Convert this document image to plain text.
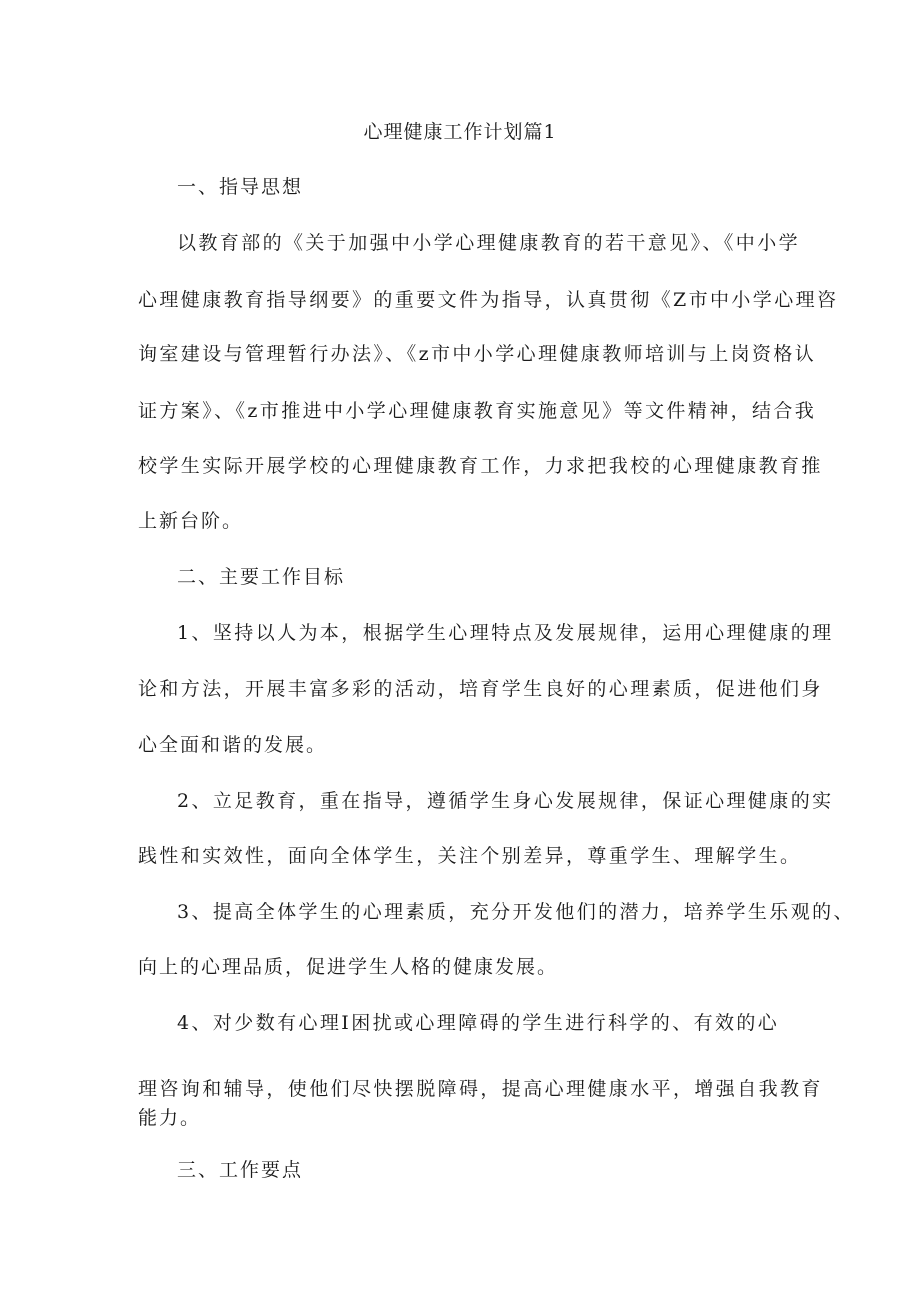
心理健康工作计划篇1
一、指导思想
以教育部的《关于加强中小学心理健康教育的若干意见》、《中小学
心理健康教育指导纲要》的重要文件为指导，认真贯彻《Z市中小学心理咨
询室建设与管理暂行办法》、《z市中小学心理健康教师培训与上岗资格认
证方案》、《z市推进中小学心理健康教育实施意见》等文件精神，结合我
校学生实际开展学校的心理健康教育工作，力求把我校的心理健康教育推
上新台阶。
二、主要工作目标
1、坚持以人为本，根据学生心理特点及发展规律，运用心理健康的理
论和方法，开展丰富多彩的活动，培育学生良好的心理素质，促进他们身
心全面和谐的发展。
2、立足教育，重在指导，遵循学生身心发展规律，保证心理健康的实
践性和实效性，面向全体学生，关注个别差异，尊重学生、理解学生。
3、提高全体学生的心理素质，充分开发他们的潜力，培养学生乐观的、
向上的心理品质，促进学生人格的健康发展。
4、对少数有心理I困扰或心理障碍的学生进行科学的、有效的心
理咨询和辅导，使他们尽快摆脱障碍，提高心理健康水平，增强自我教育
能力。
三、工作要点
